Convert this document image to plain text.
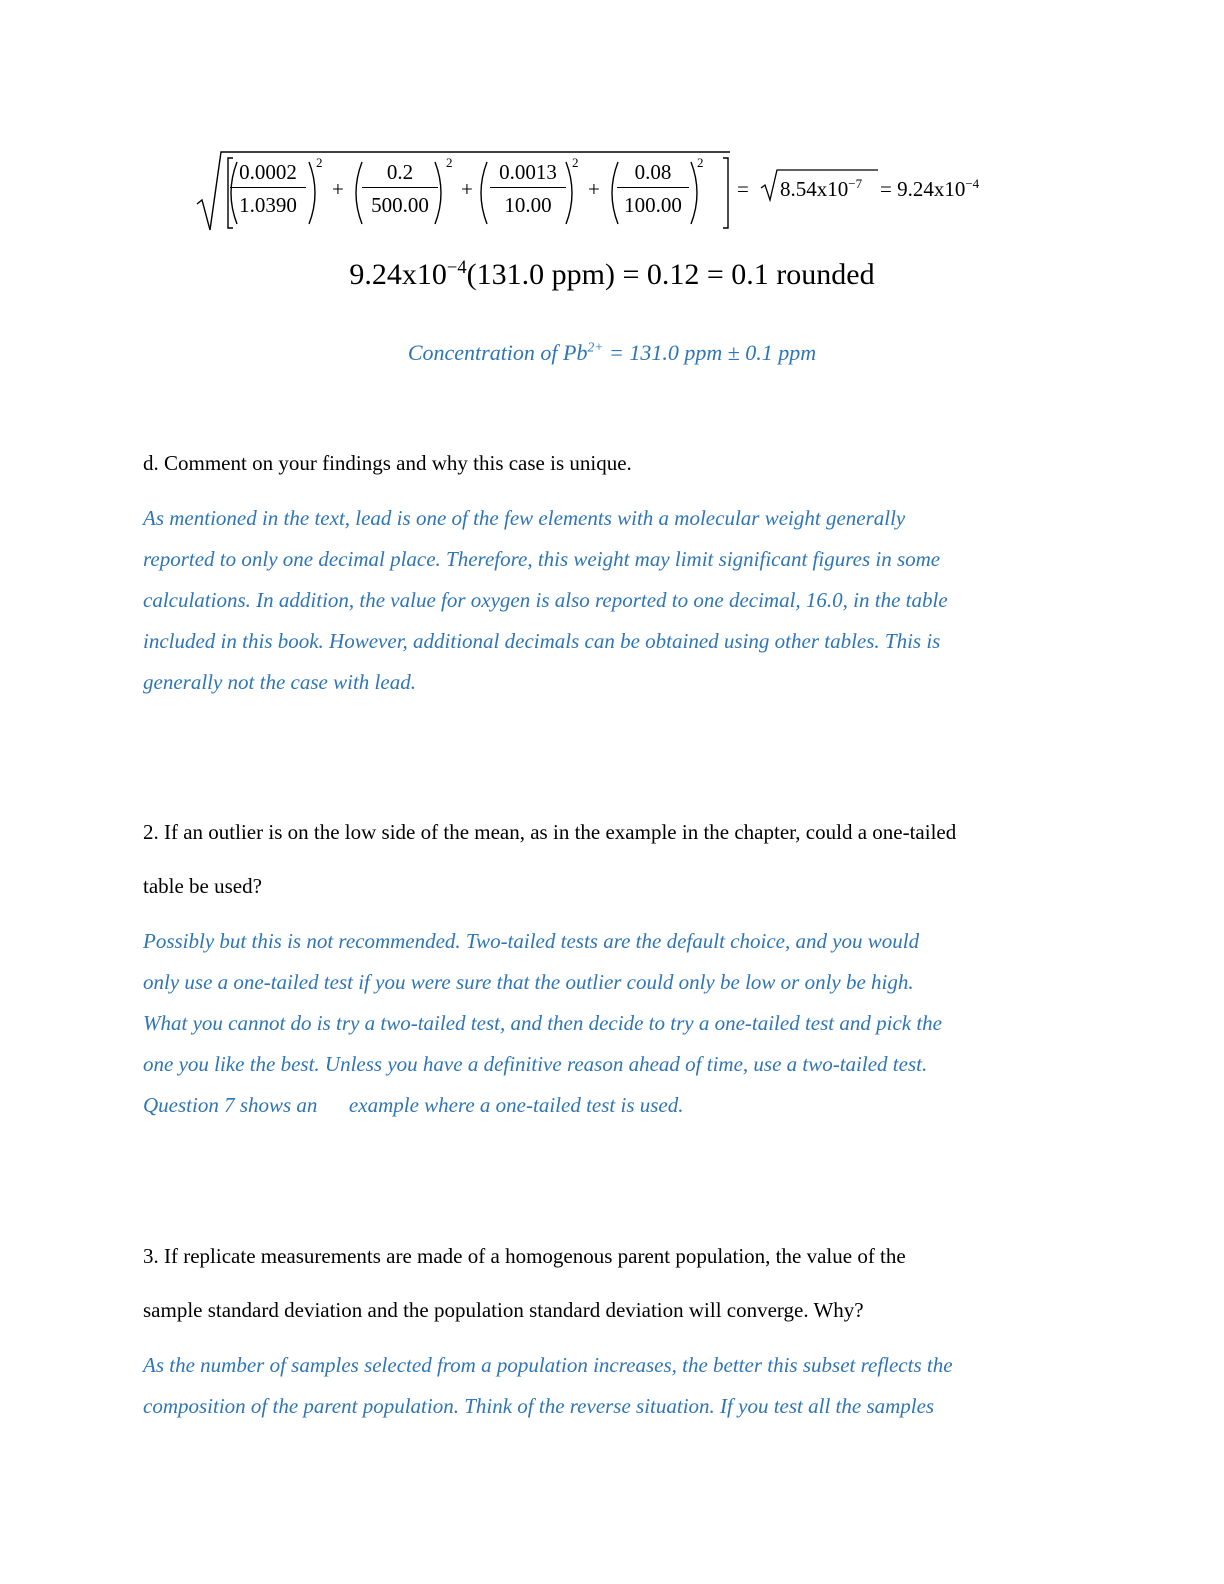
0.0002
1.0390
2
+
0.2
500.00
2
+
0.0013
10.00
2
+
0.08
100.00
2
= $8.54x10^{-7} = 9.24x10^{-4}$
$9.24x10^{-4}(131.0$ ppm) = 0.12 = 0.1 rounded
Concentration of $Pb^{2+} = 131.0$ ppm ± 0.1 ppm
d. Comment on your findings and why this case is unique.
As mentioned in the text, lead is one of the few elements with a molecular weight generally
reported to only one decimal place. Therefore, this weight may limit significant figures in some
calculations. In addition, the value for oxygen is also reported to one decimal, 16.0, in the table
included in this book. However, additional decimals can be obtained using other tables. This is
generally not the case with lead.
2. If an outlier is on the low side of the mean, as in the example in the chapter, could a one-tailed
table be used?
Possibly but this is not recommended. Two-tailed tests are the default choice, and you would
only use a one-tailed test if you were sure that the outlier could only be low or only be high.
What you cannot do is try a two-tailed test, and then decide to try a one-tailed test and pick the
one you like the best. Unless you have a definitive reason ahead of time, use a two-tailed test.
Question 7 shows an      example where a one-tailed test is used.
3. If replicate measurements are made of a homogenous parent population, the value of the
sample standard deviation and the population standard deviation will converge. Why?
As the number of samples selected from a population increases, the better this subset reflects the
composition of the parent population. Think of the reverse situation. If you test all the samples
